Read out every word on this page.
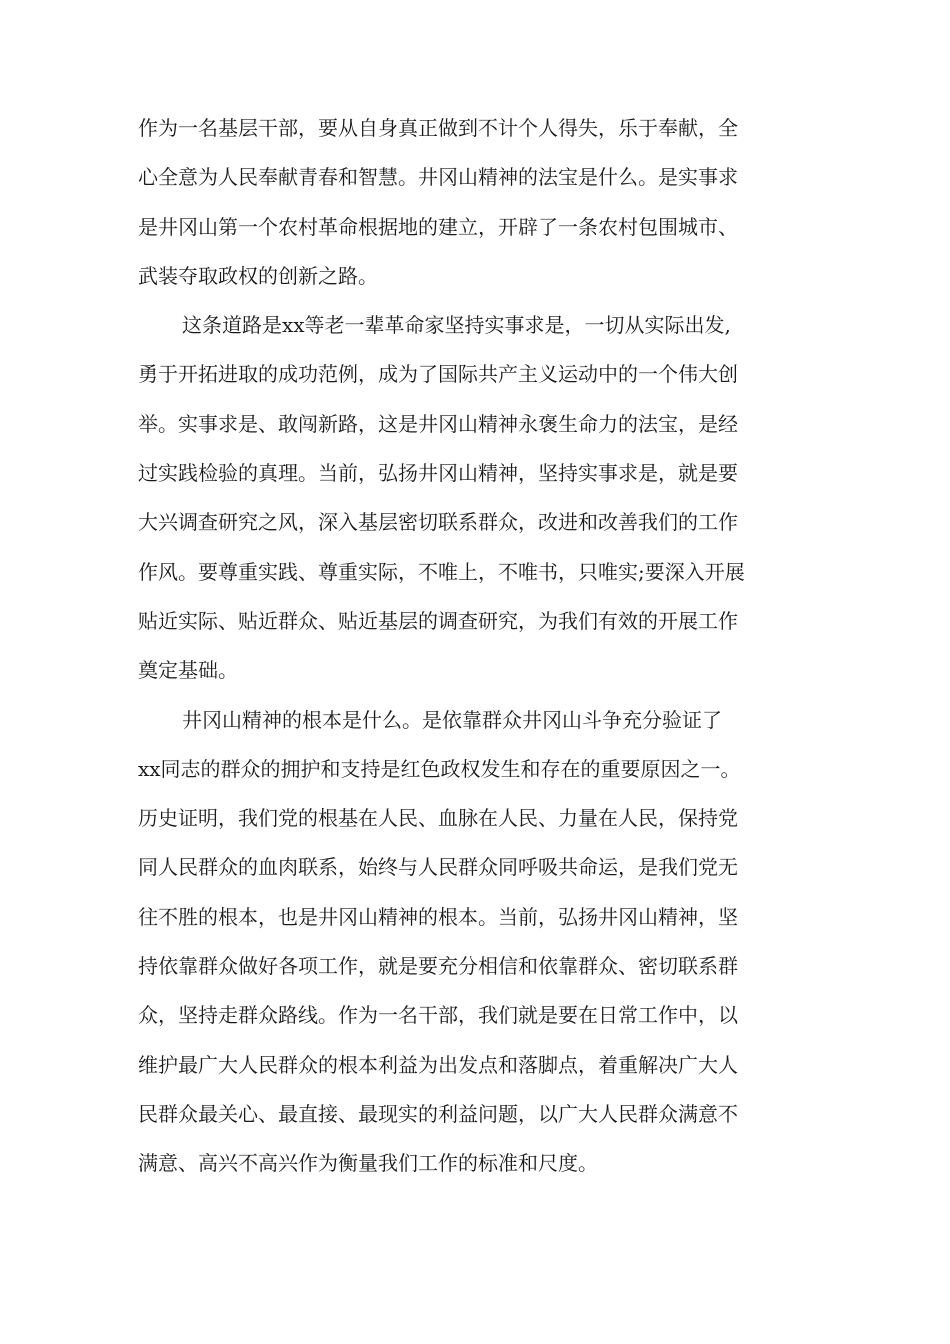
作为一名基层干部，要从自身真正做到不计个人得失，乐于奉献，全
心全意为人民奉献青春和智慧。井冈山精神的法宝是什么。是实事求
是井冈山第一个农村革命根据地的建立，开辟了一条农村包围城市、
武装夺取政权的创新之路。
这条道路是xx等老一辈革命家坚持实事求是，一切从实际出发,
勇于开拓进取的成功范例，成为了国际共产主义运动中的一个伟大创
举。实事求是、敢闯新路，这是井冈山精神永褒生命力的法宝，是经
过实践检验的真理。当前，弘扬井冈山精神，坚持实事求是，就是要
大兴调查研究之风，深入基层密切联系群众，改进和改善我们的工作
作风。要尊重实践、尊重实际，不唯上，不唯书，只唯实;要深入开展
贴近实际、贴近群众、贴近基层的调查研究，为我们有效的开展工作
奠定基础。
井冈山精神的根本是什么。是依靠群众井冈山斗争充分验证了
xx同志的群众的拥护和支持是红色政权发生和存在的重要原因之一。
历史证明，我们党的根基在人民、血脉在人民、力量在人民，保持党
同人民群众的血肉联系，始终与人民群众同呼吸共命运，是我们党无
往不胜的根本，也是井冈山精神的根本。当前，弘扬井冈山精神，坚
持依靠群众做好各项工作，就是要充分相信和依靠群众、密切联系群
众，坚持走群众路线。作为一名干部，我们就是要在日常工作中，以
维护最广大人民群众的根本利益为出发点和落脚点，着重解决广大人
民群众最关心、最直接、最现实的利益问题，以广大人民群众满意不
满意、高兴不高兴作为衡量我们工作的标准和尺度。
